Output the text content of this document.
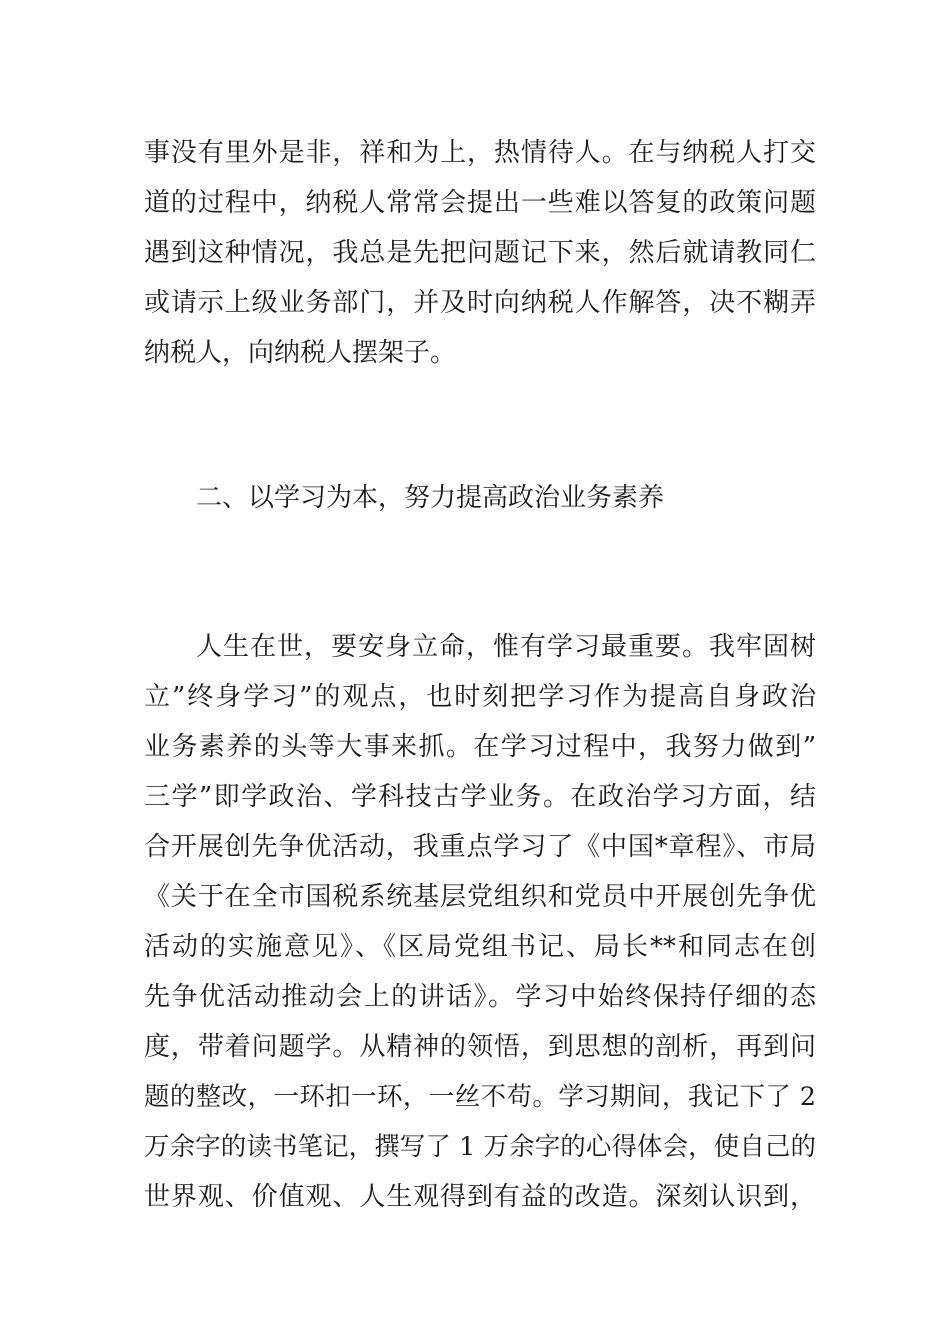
事没有里外是非，祥和为上，热情待人。在与纳税人打交
道的过程中，纳税人常常会提出一些难以答复的政策问题
遇到这种情况，我总是先把问题记下来，然后就请教同仁
或请示上级业务部门，并及时向纳税人作解答，决不糊弄
纳税人，向纳税人摆架子。
二、以学习为本，努力提高政治业务素养
人生在世，要安身立命，惟有学习最重要。我牢固树
立”终身学习”的观点，也时刻把学习作为提高自身政治
业务素养的头等大事来抓。在学习过程中，我努力做到”
三学”即学政治、学科技古学业务。在政治学习方面，结
合开展创先争优活动，我重点学习了《中国*章程》、市局
《关于在全市国税系统基层党组织和党员中开展创先争优
活动的实施意见》、《区局党组书记、局长**和同志在创
先争优活动推动会上的讲话》。学习中始终保持仔细的态
度，带着问题学。从精神的领悟，到思想的剖析，再到问
题的整改，一环扣一环，一丝不苟。学习期间，我记下了 2
万余字的读书笔记，撰写了 1 万余字的心得体会，使自己的
世界观、价值观、人生观得到有益的改造。深刻认识到，
